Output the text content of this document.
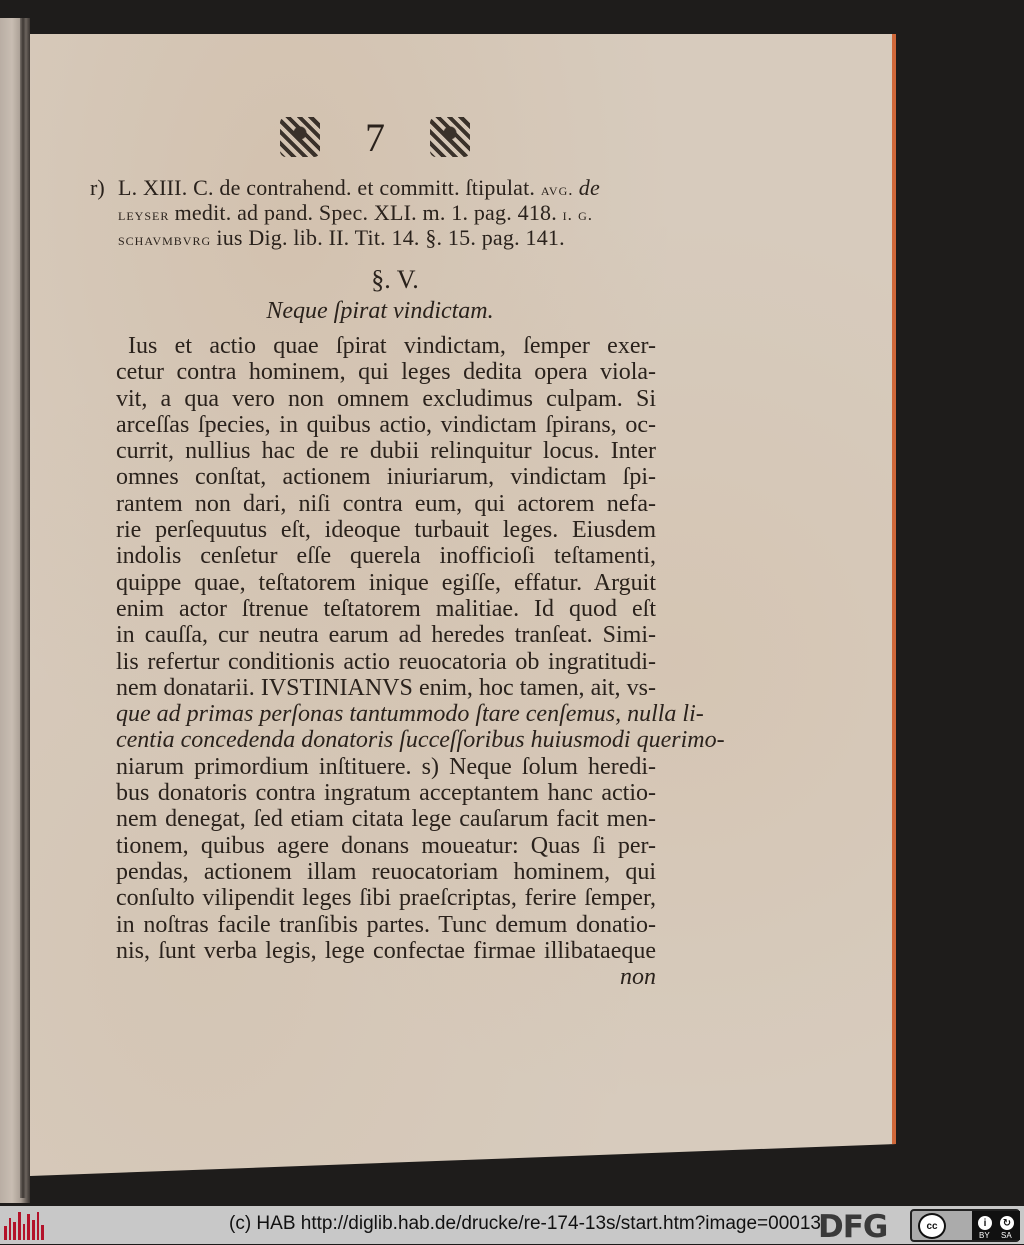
7
r) L. XIII. C. de contrahend. et committ. ſtipulat. avg. de
leyser medit. ad pand. Spec. XLI. m. 1. pag. 418. i. g.
schavmbvrg ius Dig. lib. II. Tit. 14. §. 15. pag. 141.
§. V.
Neque ſpirat vindictam.
Ius et actio quae ſpirat vindictam, ſemper exer-
cetur contra hominem, qui leges dedita opera viola-
vit, a qua vero non omnem excludimus culpam. Si
arceſſas ſpecies, in quibus actio, vindictam ſpirans, oc-
currit, nullius hac de re dubii relinquitur locus. Inter
omnes conſtat, actionem iniuriarum, vindictam ſpi-
rantem non dari, niſi contra eum, qui actorem nefa-
rie perſequutus eſt, ideoque turbauit leges. Eiusdem
indolis cenſetur eſſe querela inofficioſi teſtamenti,
quippe quae, teſtatorem inique egiſſe, effatur. Arguit
enim actor ſtrenue teſtatorem malitiae. Id quod eſt
in cauſſa, cur neutra earum ad heredes tranſeat. Simi-
lis refertur conditionis actio reuocatoria ob ingratitudi-
nem donatarii. IVSTINIANVS enim, hoc tamen, ait, vs-
que ad primas perſonas tantummodo ſtare cenſemus, nulla li-
centia concedenda donatoris ſucceſſoribus huiusmodi querimo-
niarum primordium inſtituere. s) Neque ſolum heredi-
bus donatoris contra ingratum acceptantem hanc actio-
nem denegat, ſed etiam citata lege cauſarum facit men-
tionem, quibus agere donans moueatur: Quas ſi per-
pendas, actionem illam reuocatoriam hominem, qui
conſulto vilipendit leges ſibi praeſcriptas, ferire ſemper,
in noſtras facile tranſibis partes. Tunc demum donatio-
nis, ſunt verba legis, lege confectae firmae illibataeque
non
(c) HAB http://diglib.hab.de/drucke/re-174-13s/start.htm?image=00013
DFG	cc	i	↻
BY SA
